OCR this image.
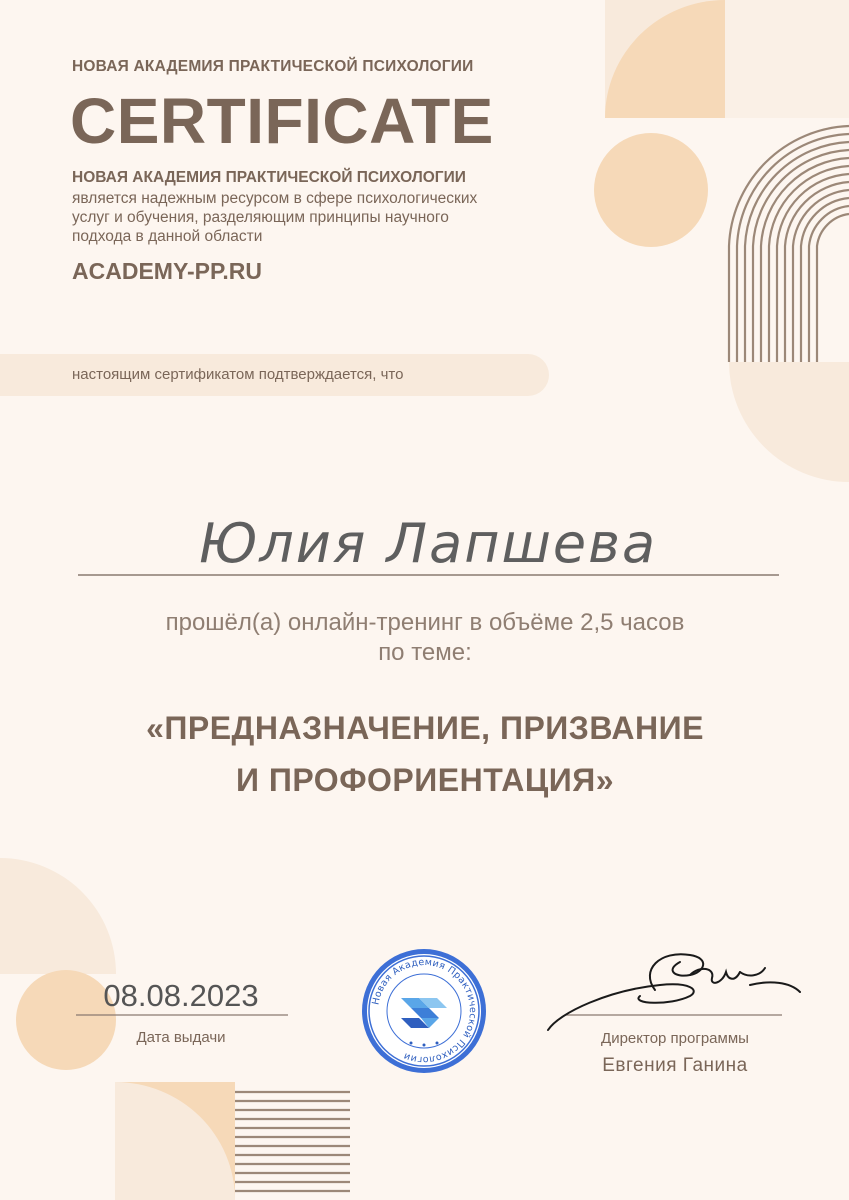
НОВАЯ АКАДЕМИЯ ПРАКТИЧЕСКОЙ ПСИХОЛОГИИ
CERTIFICATE
НОВАЯ АКАДЕМИЯ ПРАКТИЧЕСКОЙ ПСИХОЛОГИИ
является надежным ресурсом в сфере психологических услуг и обучения, разделяющим принципы научного подхода в данной области
ACADEMY-PP.RU
настоящим сертификатом подтверждается, что
Юлия Лапшева
прошёл(а) онлайн-тренинг в объёме 2,5 часов
по теме:
«ПРЕДНАЗНАЧЕНИЕ, ПРИЗВАНИЕ
И ПРОФОРИЕНТАЦИЯ»
08.08.2023
Дата выдачи	Директор программы
Евгения Ганина
Новая Академия Практической Психологии
